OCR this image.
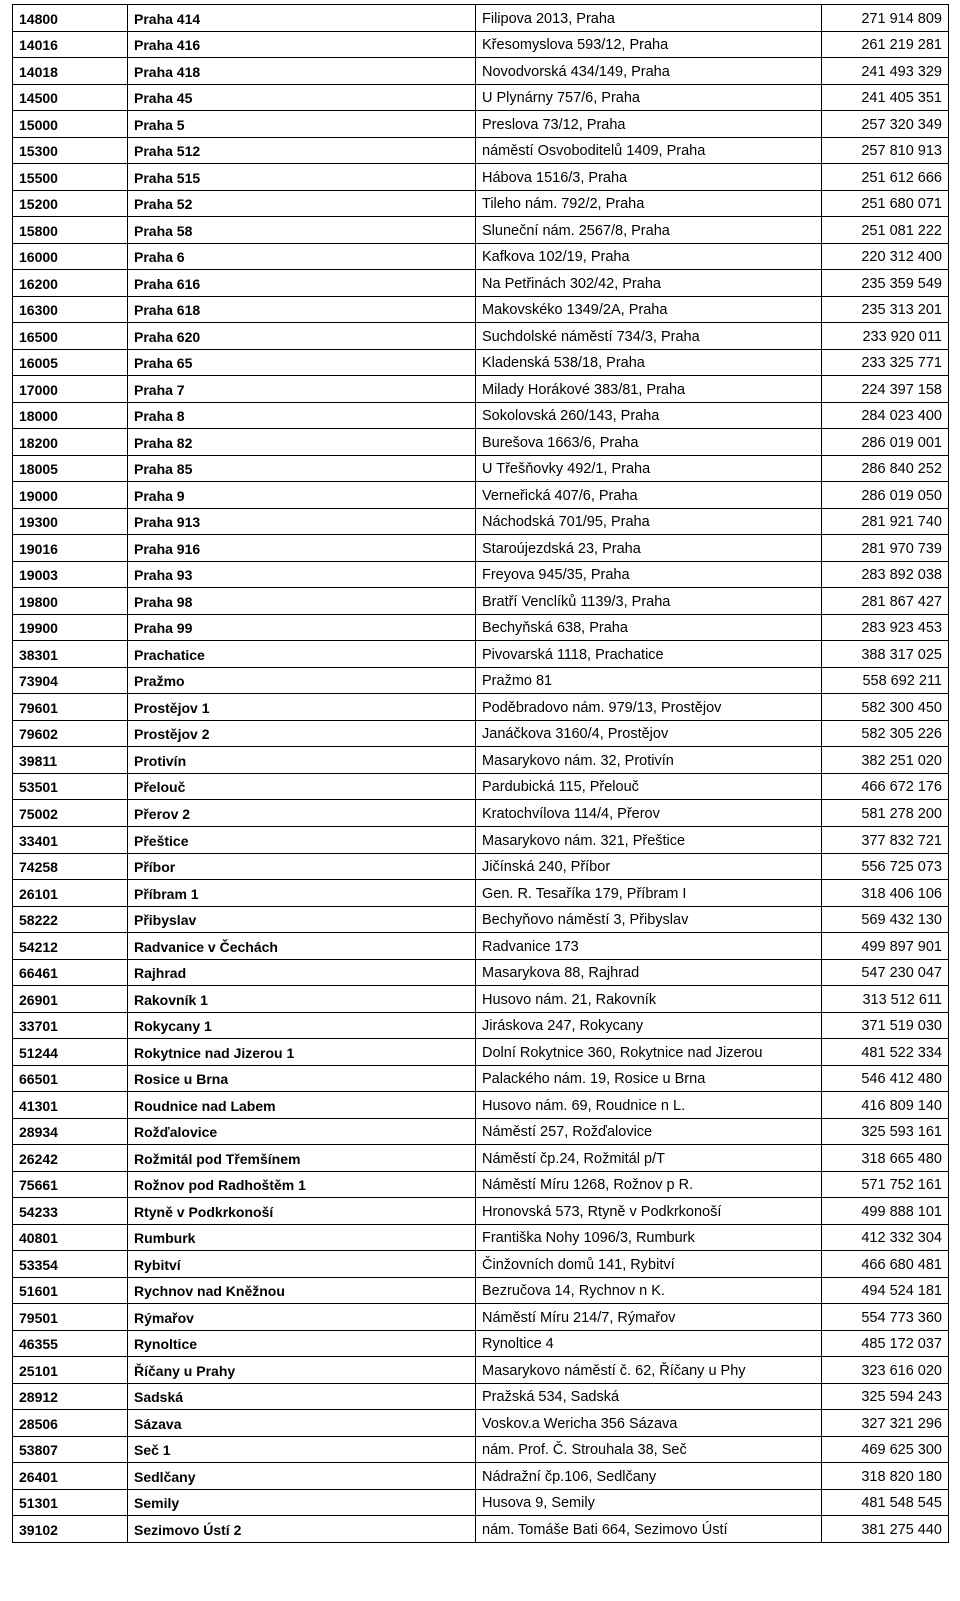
14800	Praha 414	Filipova 2013, Praha	271 914 809
14016	Praha 416	Křesomyslova 593/12, Praha	261 219 281
14018	Praha 418	Novodvorská 434/149, Praha	241 493 329
14500	Praha 45	U Plynárny 757/6, Praha	241 405 351
15000	Praha 5	Preslova 73/12, Praha	257 320 349
15300	Praha 512	náměstí Osvoboditelů 1409, Praha	257 810 913
15500	Praha 515	Hábova 1516/3, Praha	251 612 666
15200	Praha 52	Tileho nám. 792/2, Praha	251 680 071
15800	Praha 58	Sluneční nám. 2567/8, Praha	251 081 222
16000	Praha 6	Kafkova 102/19, Praha	220 312 400
16200	Praha 616	Na Petřinách 302/42, Praha	235 359 549
16300	Praha 618	Makovskéko 1349/2A, Praha	235 313 201
16500	Praha 620	Suchdolské náměstí 734/3, Praha	233 920 011
16005	Praha 65	Kladenská 538/18, Praha	233 325 771
17000	Praha 7	Milady Horákové 383/81, Praha	224 397 158
18000	Praha 8	Sokolovská 260/143, Praha	284 023 400
18200	Praha 82	Burešova 1663/6, Praha	286 019 001
18005	Praha 85	U Třešňovky 492/1, Praha	286 840 252
19000	Praha 9	Verneřická 407/6, Praha	286 019 050
19300	Praha 913	Náchodská 701/95, Praha	281 921 740
19016	Praha 916	Staroújezdská 23, Praha	281 970 739
19003	Praha 93	Freyova 945/35, Praha	283 892 038
19800	Praha 98	Bratří Venclíků 1139/3, Praha	281 867 427
19900	Praha 99	Bechyňská 638, Praha	283 923 453
38301	Prachatice	Pivovarská 1118, Prachatice	388 317 025
73904	Pražmo	Pražmo 81	558 692 211
79601	Prostějov 1	Poděbradovo nám. 979/13, Prostějov	582 300 450
79602	Prostějov 2	Janáčkova 3160/4, Prostějov	582 305 226
39811	Protivín	Masarykovo nám. 32, Protivín	382 251 020
53501	Přelouč	Pardubická 115, Přelouč	466 672 176
75002	Přerov 2	Kratochvílova 114/4, Přerov	581 278 200
33401	Přeštice	Masarykovo nám. 321, Přeštice	377 832 721
74258	Příbor	Jičínská 240, Příbor	556 725 073
26101	Příbram 1	Gen. R. Tesaříka 179, Příbram I	318 406 106
58222	Přibyslav	Bechyňovo náměstí 3, Přibyslav	569 432 130
54212	Radvanice v Čechách	Radvanice 173	499 897 901
66461	Rajhrad	Masarykova 88, Rajhrad	547 230 047
26901	Rakovník 1	Husovo nám. 21, Rakovník	313 512 611
33701	Rokycany 1	Jiráskova 247, Rokycany	371 519 030
51244	Rokytnice nad Jizerou 1	Dolní Rokytnice 360, Rokytnice nad Jizerou	481 522 334
66501	Rosice u Brna	Palackého nám. 19, Rosice u Brna	546 412 480
41301	Roudnice nad Labem	Husovo nám. 69, Roudnice n L.	416 809 140
28934	Rožďalovice	Náměstí 257, Rožďalovice	325 593 161
26242	Rožmitál pod Třemšínem	Náměstí čp.24, Rožmitál p/T	318 665 480
75661	Rožnov pod Radhoštěm 1	Náměstí Míru 1268, Rožnov p R.	571 752 161
54233	Rtyně v Podkrkonoší	Hronovská 573, Rtyně v Podkrkonoší	499 888 101
40801	Rumburk	Františka Nohy 1096/3, Rumburk	412 332 304
53354	Rybitví	Činžovních domů 141, Rybitví	466 680 481
51601	Rychnov nad Kněžnou	Bezručova 14, Rychnov n K.	494 524 181
79501	Rýmařov	Náměstí Míru 214/7, Rýmařov	554 773 360
46355	Rynoltice	Rynoltice 4	485 172 037
25101	Říčany u Prahy	Masarykovo náměstí č. 62, Říčany u Phy	323 616 020
28912	Sadská	Pražská 534, Sadská	325 594 243
28506	Sázava	Voskov.a Wericha 356 Sázava	327 321 296
53807	Seč 1	nám. Prof. Č. Strouhala 38, Seč	469 625 300
26401	Sedlčany	Nádražní čp.106, Sedlčany	318 820 180
51301	Semily	Husova 9, Semily	481 548 545
39102	Sezimovo Ústí 2	nám. Tomáše Bati 664, Sezimovo Ústí	381 275 440
